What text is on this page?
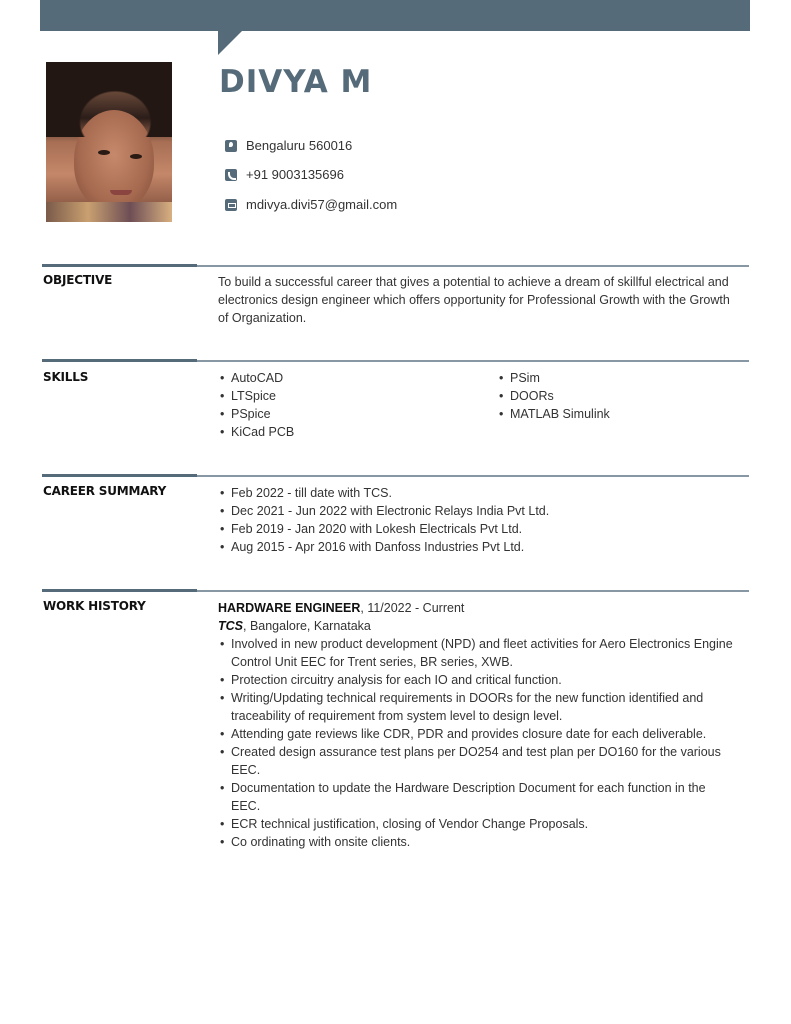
DIVYA M
Bengaluru 560016
+91 9003135696
mdivya.divi57@gmail.com
OBJECTIVE	To build a successful career that gives a potential to achieve a dream of skillful electrical and electronics design engineer which offers opportunity for Professional Growth with the Growth of Organization.
SKILLS	• AutoCAD
• LTSpice
• PSpice
• KiCad PCB
• PSim
• DOORs
• MATLAB Simulink
CAREER SUMMARY	• Feb 2022 - till date with TCS.
• Dec 2021 - Jun 2022 with Electronic Relays India Pvt Ltd.
• Feb 2019 - Jan 2020 with Lokesh Electricals Pvt Ltd.
• Aug 2015 - Apr 2016 with Danfoss Industries Pvt Ltd.
WORK HISTORY	HARDWARE ENGINEER, 11/2022 - Current
TCS, Bangalore, Karnataka
• Involved in new product development (NPD) and fleet activities for Aero Electronics Engine Control Unit EEC for Trent series, BR series, XWB.
• Protection circuitry analysis for each IO and critical function.
• Writing/Updating technical requirements in DOORs for the new function identified and traceability of requirement from system level to design level.
• Attending gate reviews like CDR, PDR and provides closure date for each deliverable.
• Created design assurance test plans per DO254 and test plan per DO160 for the various
EEC.
• Documentation to update the Hardware Description Document for each function in the
EEC.
• ECR technical justification, closing of Vendor Change Proposals.
• Co ordinating with onsite clients.
